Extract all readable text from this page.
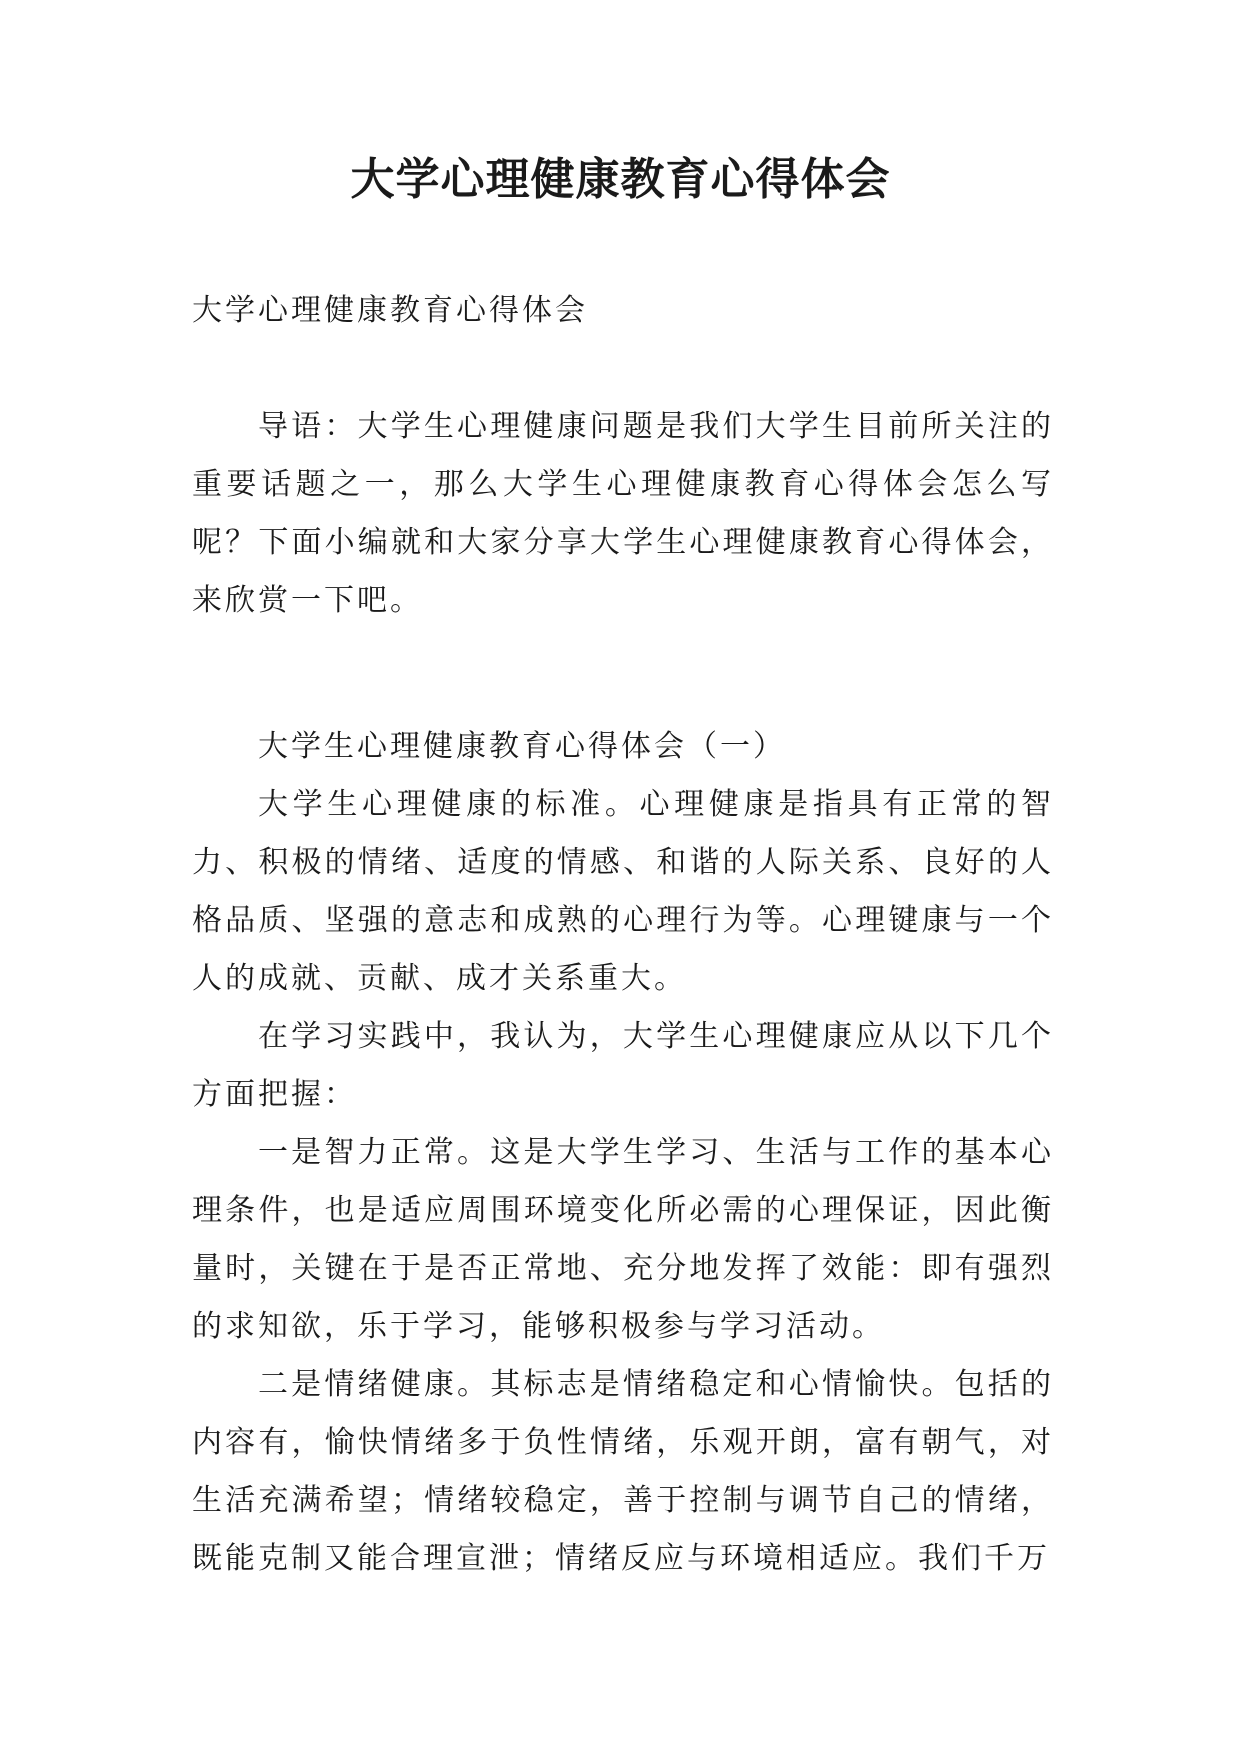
大学心理健康教育心得体会

大学心理健康教育心得体会

导语：大学生心理健康问题是我们大学生目前所关注的重要话题之一，那么大学生心理健康教育心得体会怎么写呢？下面小编就和大家分享大学生心理健康教育心得体会，来欣赏一下吧。

大学生心理健康教育心得体会（一）

大学生心理健康的标准。心理健康是指具有正常的智力、积极的情绪、适度的情感、和谐的人际关系、良好的人格品质、坚强的意志和成熟的心理行为等。心理键康与一个人的成就、贡献、成才关系重大。

在学习实践中，我认为，大学生心理健康应从以下几个方面把握：

一是智力正常。这是大学生学习、生活与工作的基本心理条件，也是适应周围环境变化所必需的心理保证，因此衡量时，关键在于是否正常地、充分地发挥了效能：即有强烈的求知欲，乐于学习，能够积极参与学习活动。

二是情绪健康。其标志是情绪稳定和心情愉快。包括的内容有，愉快情绪多于负性情绪，乐观开朗，富有朝气，对生活充满希望；情绪较稳定，善于控制与调节自己的情绪，既能克制又能合理宣泄；情绪反应与环境相适应。我们千万
